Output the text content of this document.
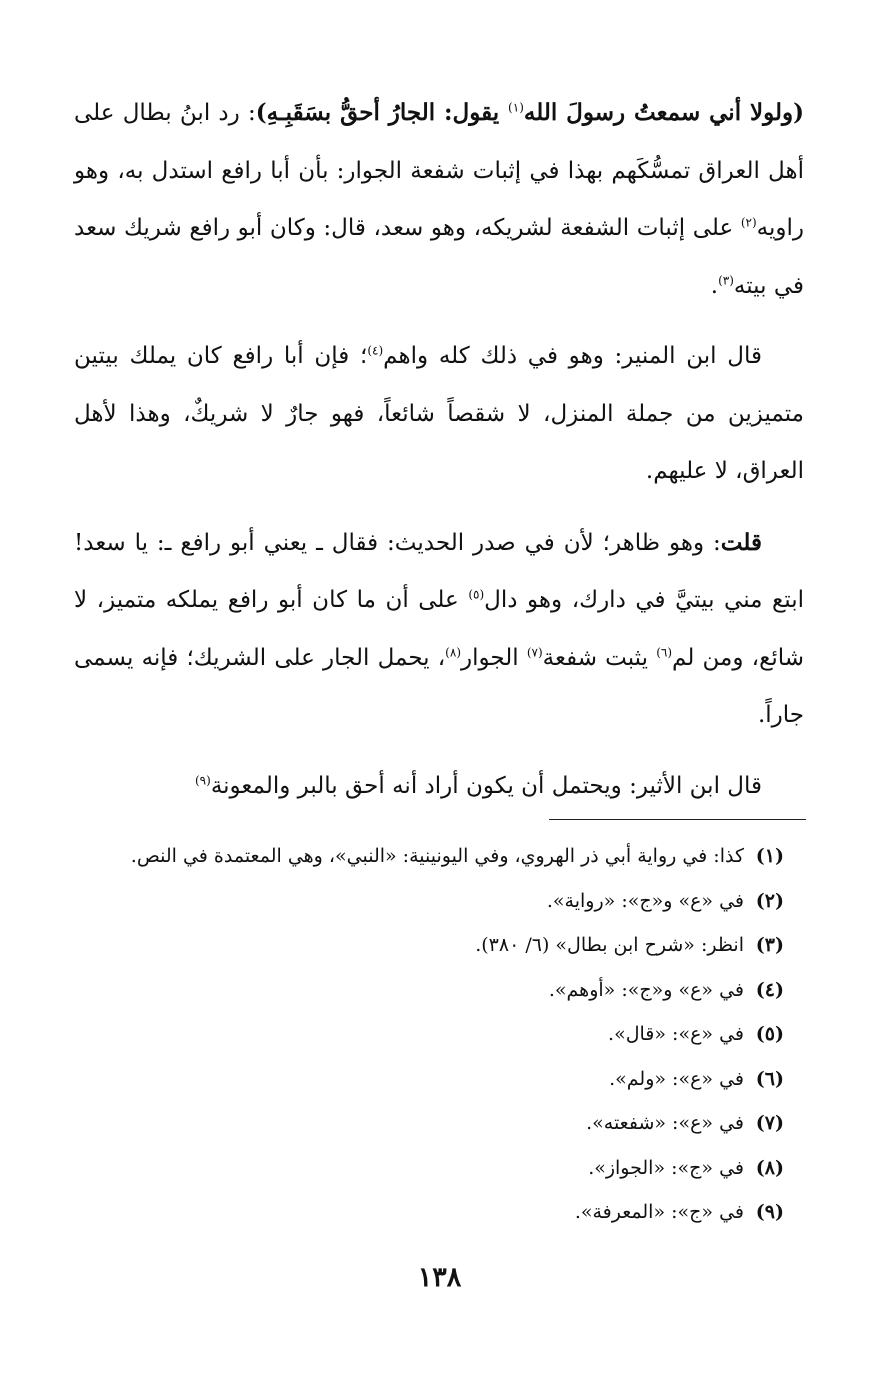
(ولولا أني سمعتُ رسولَ الله$^{(١)}$ يقول: الجارُ أحقُّ بسَقَبِـهِ): رد ابنُ بطال على أهل العراق تمسُّكَهم بهذا في إثبات شفعة الجوار: بأن أبا رافع استدل به، وهو راويه$^{(٢)}$ على إثبات الشفعة لشريكه، وهو سعد، قال: وكان أبو رافع شريك سعد في بيته$^{(٣)}$.

قال ابن المنير: وهو في ذلك كله واهم$^{(٤)}$؛ فإن أبا رافع كان يملك بيتين متميزين من جملة المنزل، لا شقصاً شائعاً، فهو جارٌ لا شريكٌ، وهذا لأهل العراق، لا عليهم.

قلت: وهو ظاهر؛ لأن في صدر الحديث: فقال ـ يعني أبو رافع ـ: يا سعد! ابتع مني بيتيَّ في دارك، وهو دال$^{(٥)}$ على أن ما كان أبو رافع يملكه متميز، لا شائع، ومن لم$^{(٦)}$ يثبت شفعة$^{(٧)}$ الجوار$^{(٨)}$، يحمل الجار على الشريك؛ فإنه يسمى جاراً.

قال ابن الأثير: ويحتمل أن يكون أراد أنه أحق بالبر والمعونة$^{(٩)}$

(١)
كذا: في رواية أبي ذر الهروي، وفي اليونينية: «النبي»، وهي المعتمدة في النص.
(٢)
في «ع» و«ج»: «رواية».
(٣)
انظر: «شرح ابن بطال» (٦/ ٣٨٠).
(٤)
في «ع» و«ج»: «أوهم».
(٥)
في «ع»: «قال».
(٦)
في «ع»: «ولم».
(٧)
في «ع»: «شفعته».
(٨)
في «ج»: «الجواز».
(٩)
في «ج»: «المعرفة».
١٣٨
